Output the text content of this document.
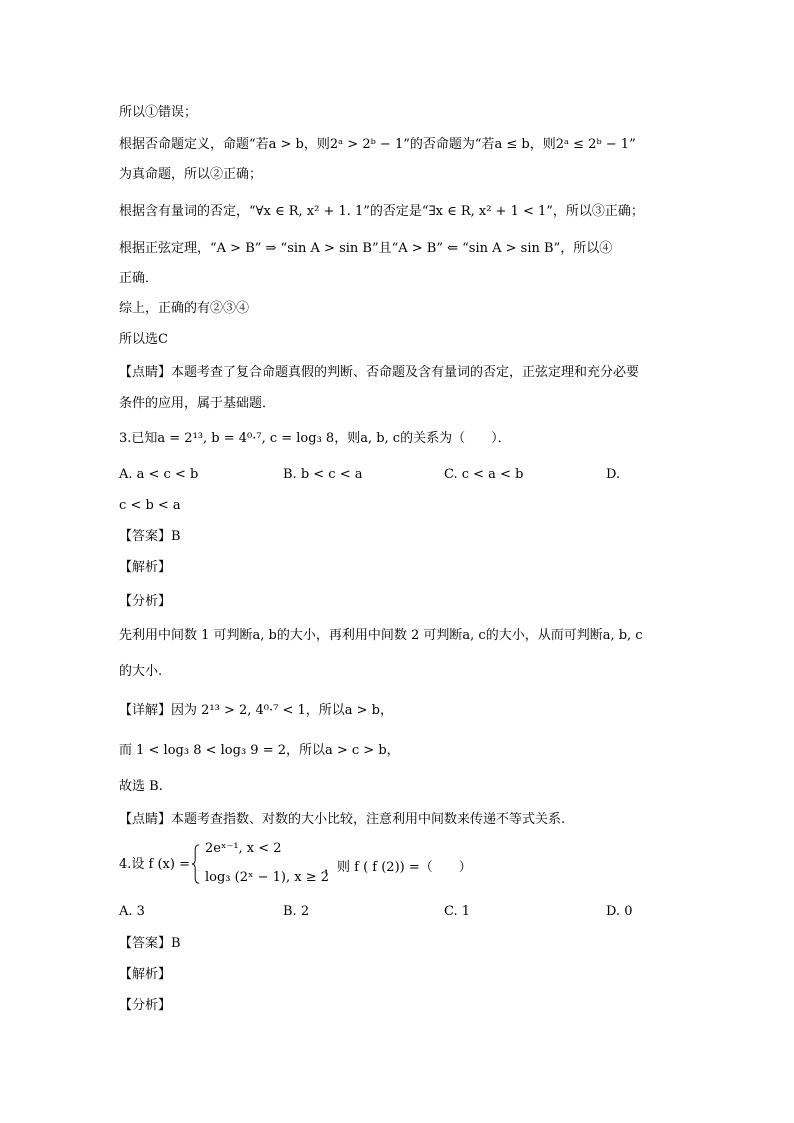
所以①错误；
根据否命题定义，命题“若a > b，则2ᵃ > 2ᵇ − 1”的否命题为“若a ≤ b，则2ᵃ ≤ 2ᵇ − 1”
为真命题，所以②正确；
根据含有量词的否定，“∀x ∈ R, x² + 1. 1”的否定是“∃x ∈ R, x² + 1 < 1”，所以③正确；
根据正弦定理，“A > B” ⇒ “sin A > sin B”且“A > B” ⇐ “sin A > sin B”，所以④
正确．
综上，正确的有②③④
所以选C
【点睛】本题考查了复合命题真假的判断、否命题及含有量词的否定，正弦定理和充分必要
条件的应用，属于基础题．
3.已知a = 2¹³, b = 4⁰·⁷, c = log₃ 8，则a, b, c的关系为（　　）．
A. a < c < b	B. b < c < a	C. c < a < b	D.
c < b < a
【答案】B
【解析】
【分析】
先利用中间数 1 可判断a, b的大小，再利用中间数 2 可判断a, c的大小，从而可判断a, b, c
的大小.
【详解】因为 2¹³ > 2, 4⁰·⁷ < 1，所以a > b，
而 1 < log₃ 8 < log₃ 9 = 2，所以a > c > b，
故选 B.
【点睛】本题考查指数、对数的大小比较，注意利用中间数来传递不等式关系.
4.设 f (x) =
2eˣ⁻¹, x < 2
log₃ (2ˣ − 1), x ≥ 2
，则 f ( f (2)) =（　　）
A. 3	B. 2	C. 1	D. 0
【答案】B
【解析】
【分析】
